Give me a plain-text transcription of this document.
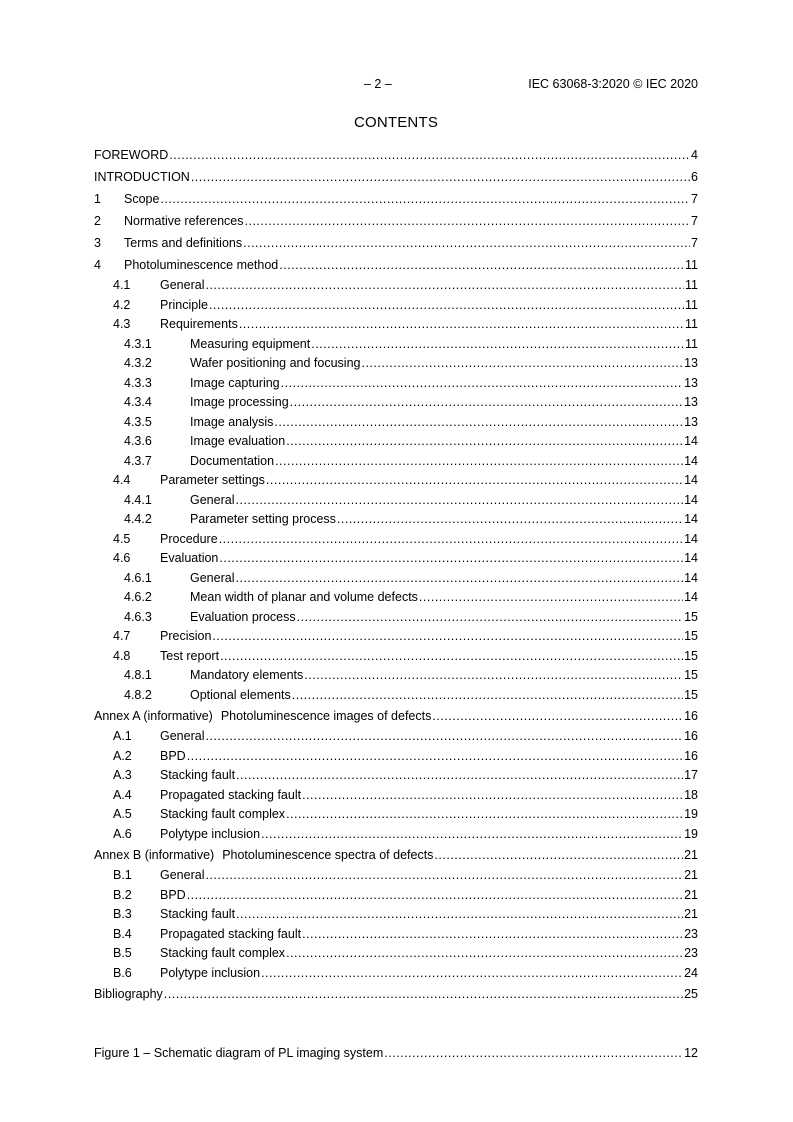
– 2 –	IEC 63068-3:2020 © IEC 2020
CONTENTS
FOREWORD .....	4
INTRODUCTION .....	6
1	Scope .....	7
2	Normative references .....	7
3	Terms and definitions .....	7
4	Photoluminescence method .....	11
4.1	General .....	11
4.2	Principle .....	11
4.3	Requirements .....	11
4.3.1	Measuring equipment .....	11
4.3.2	Wafer positioning and focusing .....	13
4.3.3	Image capturing .....	13
4.3.4	Image processing .....	13
4.3.5	Image analysis .....	13
4.3.6	Image evaluation .....	14
4.3.7	Documentation .....	14
4.4	Parameter settings .....	14
4.4.1	General .....	14
4.4.2	Parameter setting process .....	14
4.5	Procedure .....	14
4.6	Evaluation .....	14
4.6.1	General .....	14
4.6.2	Mean width of planar and volume defects .....	14
4.6.3	Evaluation process .....	15
4.7	Precision .....	15
4.8	Test report .....	15
4.8.1	Mandatory elements .....	15
4.8.2	Optional elements .....	15
Annex A (informative) Photoluminescence images of defects .....	16
A.1	General .....	16
A.2	BPD .....	16
A.3	Stacking fault .....	17
A.4	Propagated stacking fault .....	18
A.5	Stacking fault complex .....	19
A.6	Polytype inclusion .....	19
Annex B (informative) Photoluminescence spectra of defects .....	21
B.1	General .....	21
B.2	BPD .....	21
B.3	Stacking fault .....	21
B.4	Propagated stacking fault .....	23
B.5	Stacking fault complex .....	23
B.6	Polytype inclusion .....	24
Bibliography .....	25
Figure 1 – Schematic diagram of PL imaging system .....	12
